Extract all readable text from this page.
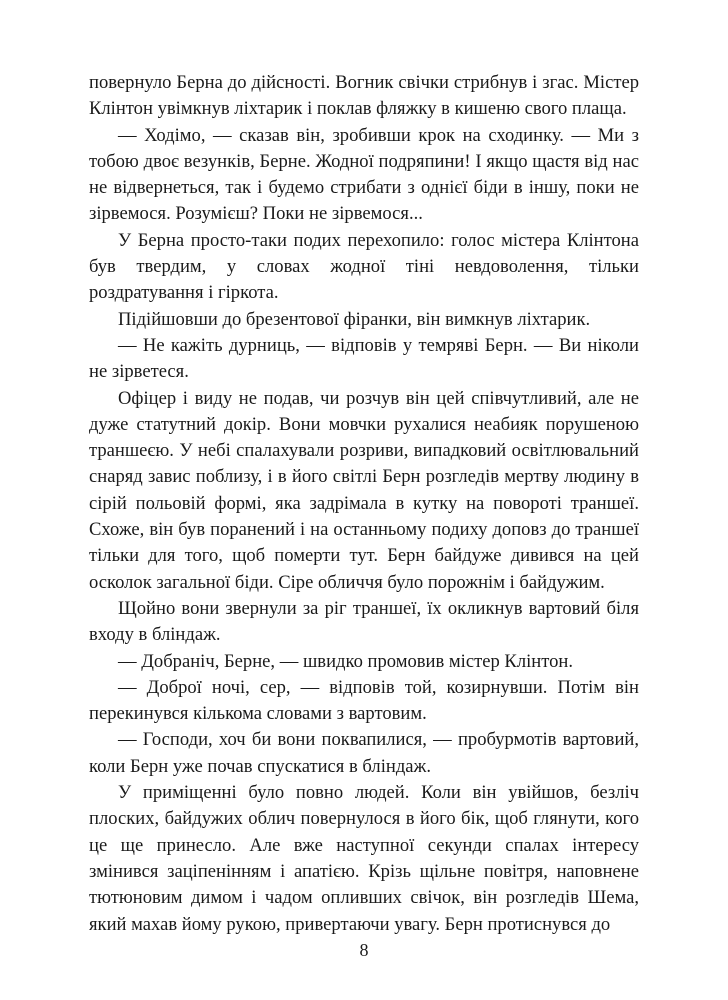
повернуло Берна до дійсності. Вогник свічки стрибнув і згас. Містер Клінтон увімкнув ліхтарик і поклав фляжку в кишеню свого плаща.

— Ходімо, — сказав він, зробивши крок на сходинку. — Ми з тобою двоє везунків, Берне. Жодної подряпини! І якщо щастя від нас не відвернеться, так і будемо стрибати з однієї біди в іншу, поки не зірвемося. Розумієш? Поки не зірвемося...

У Берна просто-таки подих перехопило: голос містера Клінтона був твердим, у словах жодної тіні невдоволення, тільки роздратування і гіркота.

Підійшовши до брезентової фіранки, він вимкнув ліхтарик.

— Не кажіть дурниць, — відповів у темряві Берн. — Ви ніколи не зірветеся.

Офіцер і виду не подав, чи розчув він цей співчутливий, але не дуже статутний докір. Вони мовчки рухалися неабияк порушеною траншеєю. У небі спалахували розриви, випадковий освітлювальний снаряд завис поблизу, і в його світлі Берн розгледів мертву людину в сірій польовій формі, яка задрімала в кутку на повороті траншеї. Схоже, він був поранений і на останньому подиху доповз до траншеї тільки для того, щоб померти тут. Берн байдуже дивився на цей осколок загальної біди. Сіре обличчя було порожнім і байдужим.

Щойно вони звернули за ріг траншеї, їх окликнув вартовий біля входу в бліндаж.

— Добраніч, Берне, — швидко промовив містер Клінтон.

— Доброї ночі, сер, — відповів той, козирнувши. Потім він перекинувся кількома словами з вартовим.

— Господи, хоч би вони поквапилися, — пробурмотів вартовий, коли Берн уже почав спускатися в бліндаж.

У приміщенні було повно людей. Коли він увійшов, безліч плоских, байдужих облич повернулося в його бік, щоб глянути, кого це ще принесло. Але вже наступної секунди спалах інтересу змінився заціпенінням і апатією. Крізь щільне повітря, наповнене тютюновим димом і чадом оплившиx свічок, він розгледів Шема, який махав йому рукою, привертаючи увагу. Берн протиснувся до

8
